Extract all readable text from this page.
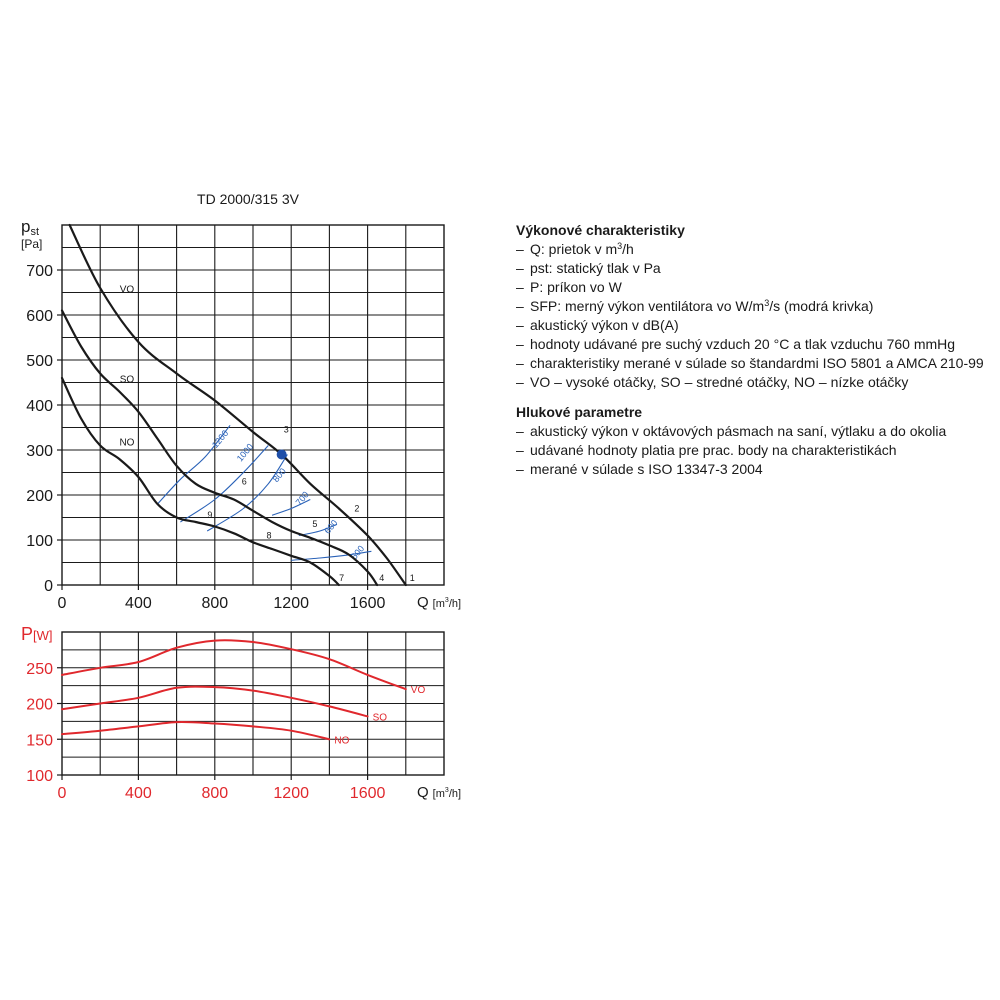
TD 2000/315 3V
0
100
200
300
400
500
600
700
0	400	800	1200	1600 Q [$m^3_{/h]}$
1200
1000
800
700
600
500
VO
SO
NO
1
2
3
4
5
6
7
8
9
pst
[Pa]
100
150
200
250
0	400	800	1200	1600 Q [$m^3_{/h]}$
VO
SO
NO
P[W]
Výkonové charakteristiky
– Q: prietok v $m^3/h$
– pst: statický tlak v Pa
– P: príkon vo W
– SFP: merný výkon ventilátora vo $W/m^3/s$ (modrá krivka)
– akustický výkon v dB(A)
– hodnoty udávané pre suchý vzduch 20 °C a tlak vzduchu 760 mmHg
– charakteristiky merané v súlade so štandardmi ISO 5801 a AMCA 210-99
– VO – vysoké otáčky, SO – stredné otáčky, NO – nízke otáčky
Hlukové parametre
– akustický výkon v oktávových pásmach na saní, výtlaku a do okolia
– udávané hodnoty platia pre prac. body na charakteristikách
– merané v súlade s ISO 13347-3 2004
